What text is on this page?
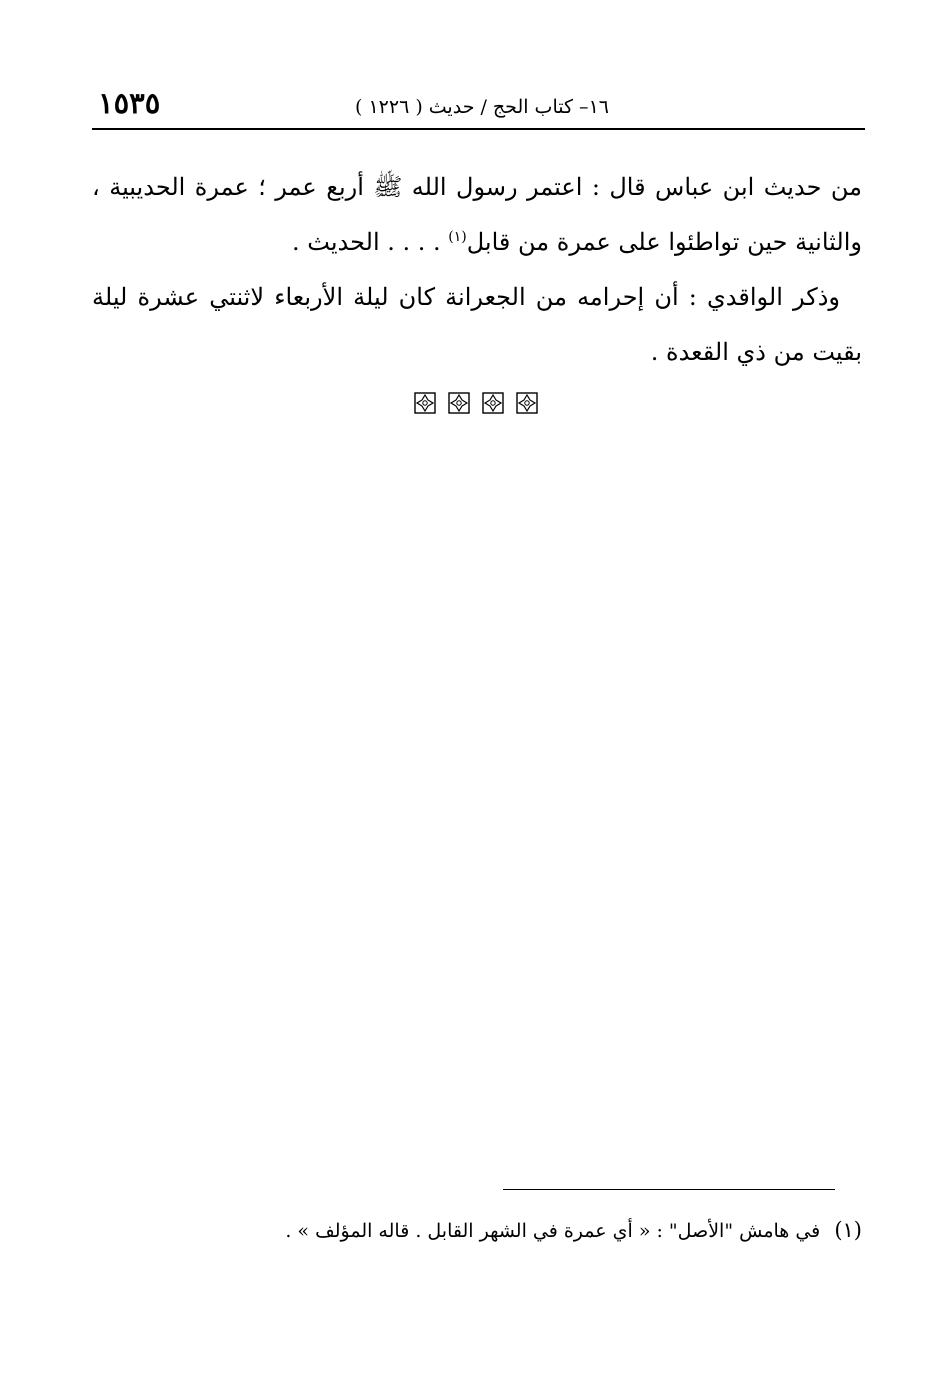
١٥٣٥	١٦– كتاب الحج / حديث ( ١٢٢٦ )

من حديث ابن عباس قال : اعتمر رسول الله ﷺ أربع عمر ؛ عمرة الحديبية ، والثانية حين تواطئوا على عمرة من قابل$^{(١)}$ . . . . الحديث .

وذكر الواقدي : أن إحرامه من الجعرانة كان ليلة الأربعاء لاثنتي عشرة ليلة بقيت من ذي القعدة .

(١) في هامش "الأصل" : « أي عمرة في الشهر القابل . قاله المؤلف » .
